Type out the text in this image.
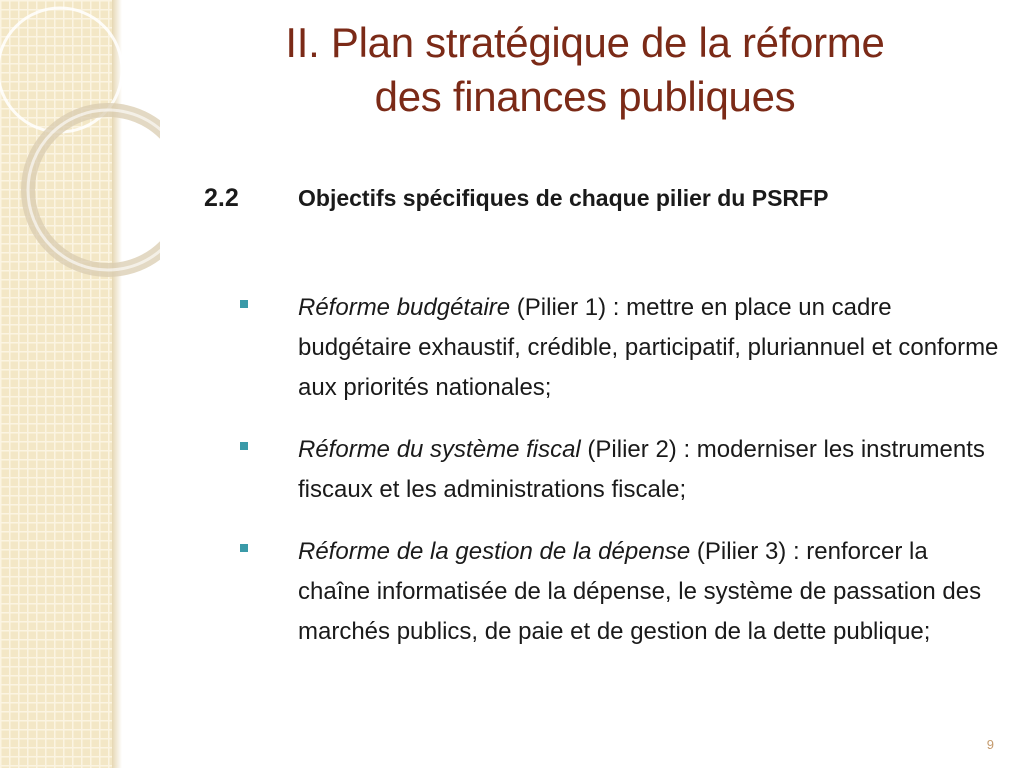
II. Plan stratégique de la réforme
des finances publiques
2.2	Objectifs spécifiques de chaque pilier du PSRFP
Réforme budgétaire (Pilier 1) : mettre en place un cadre budgétaire exhaustif, crédible, participatif, pluriannuel et conforme aux priorités nationales;
Réforme du système fiscal (Pilier 2) : moderniser les instruments fiscaux et les administrations fiscale;
Réforme de la gestion de la dépense (Pilier 3) : renforcer la chaîne informatisée de la dépense, le système de passation des marchés publics, de paie et de gestion de la dette publique;
9
